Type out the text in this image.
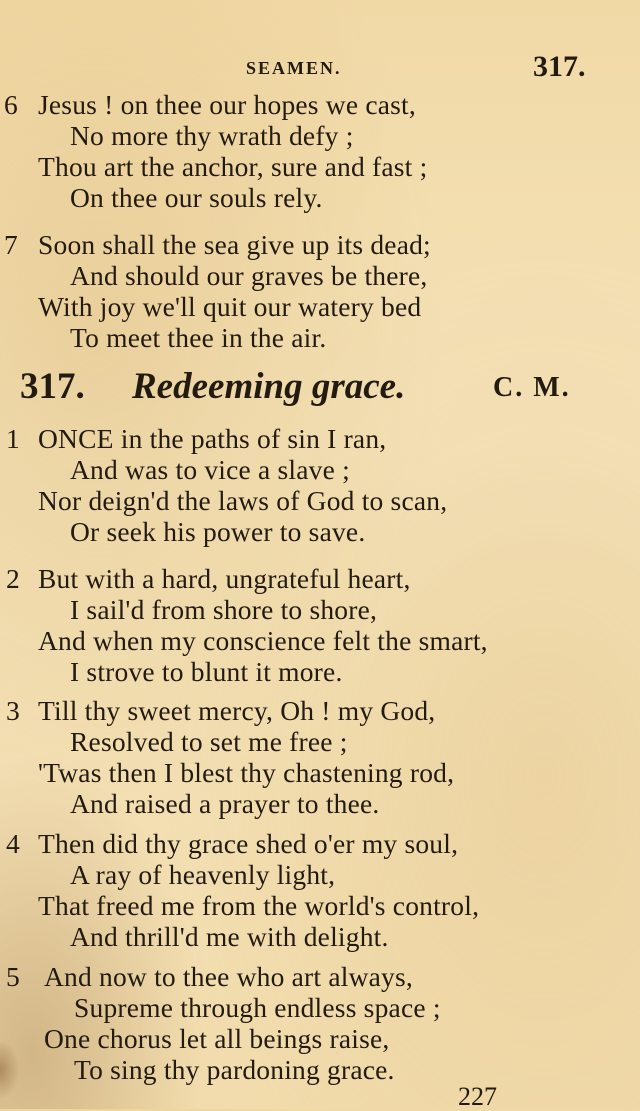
SEAMEN.	317.
6 Jesus ! on thee our hopes we cast,
No more thy wrath defy ;
Thou art the anchor, sure and fast ;
On thee our souls rely.
7 Soon shall the sea give up its dead;
And should our graves be there,
With joy we'll quit our watery bed
To meet thee in the air.
317. Redeeming grace.	C. M.
1 ONCE in the paths of sin I ran,
And was to vice a slave ;
Nor deign'd the laws of God to scan,
Or seek his power to save.
2 But with a hard, ungrateful heart,
I sail'd from shore to shore,
And when my conscience felt the smart,
I strove to blunt it more.
3 Till thy sweet mercy, Oh ! my God,
Resolved to set me free ;
'Twas then I blest thy chastening rod,
And raised a prayer to thee.
4 Then did thy grace shed o'er my soul,
A ray of heavenly light,
That freed me from the world's control,
And thrill'd me with delight.
5 And now to thee who art always,
Supreme through endless space ;
One chorus let all beings raise,
To sing thy pardoning grace.
227
